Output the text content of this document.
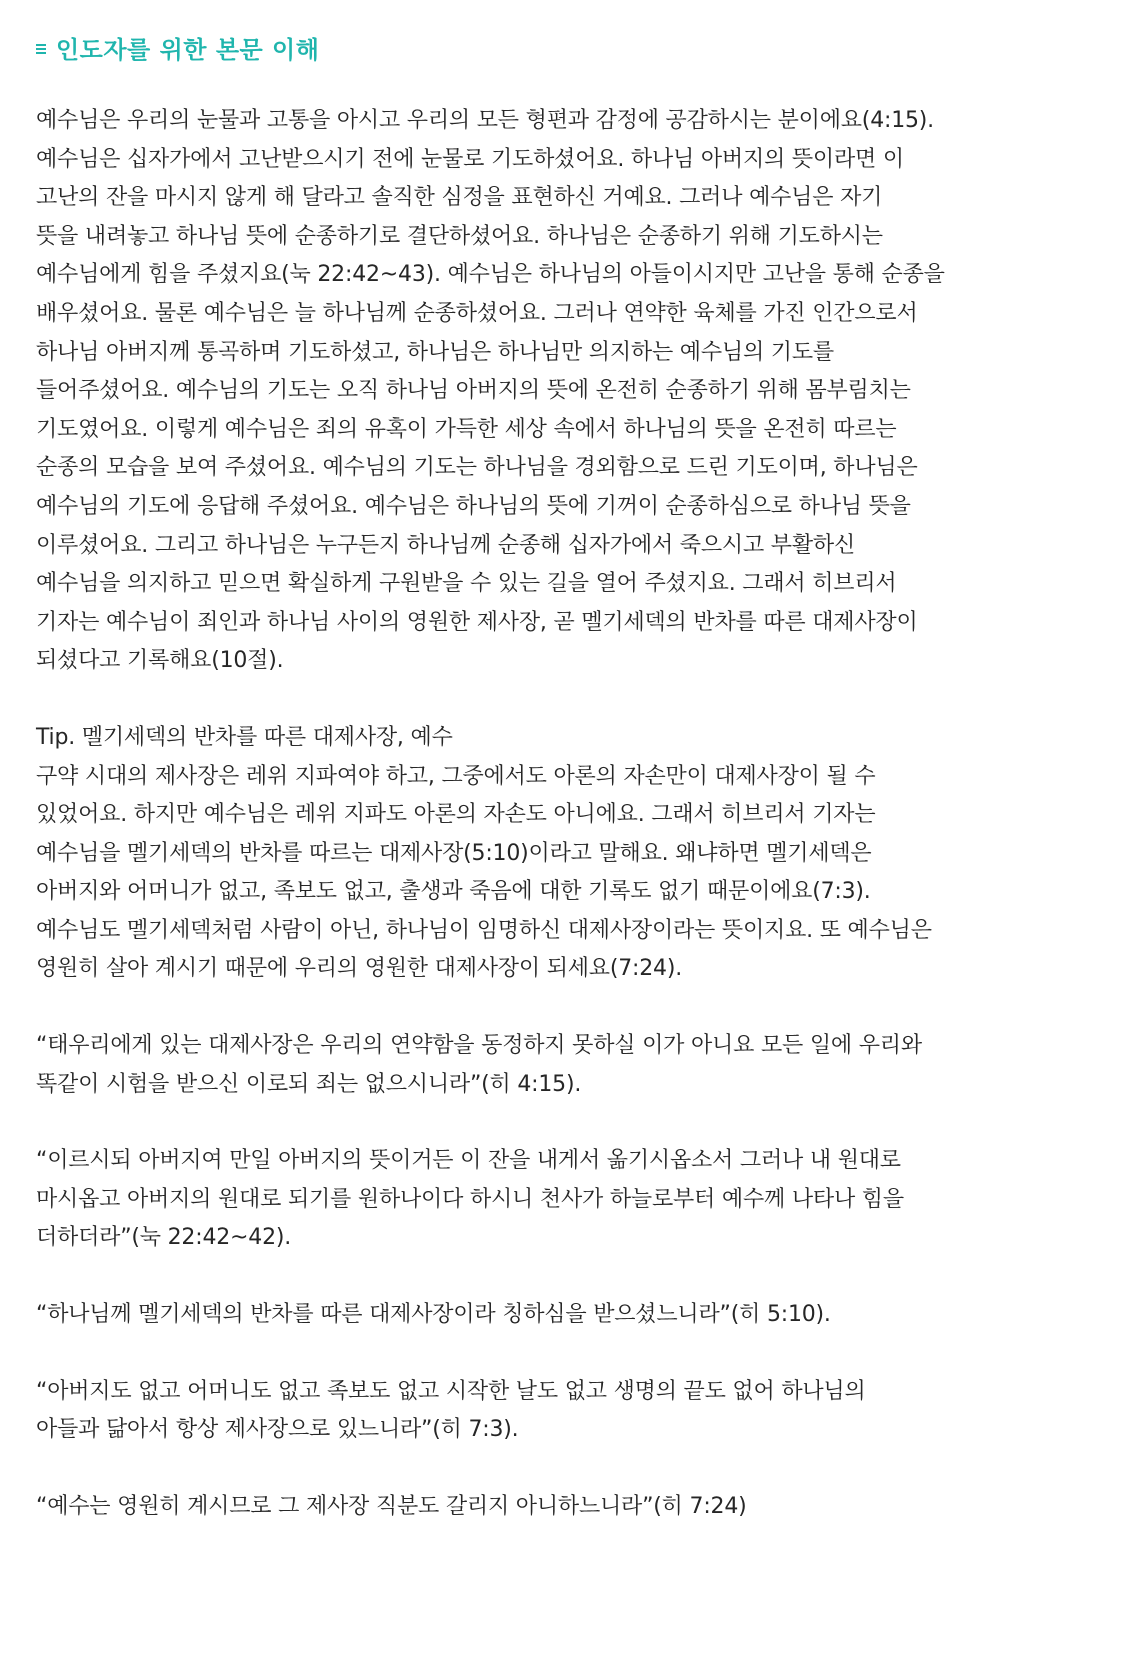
인도자를 위한 본문 이해
예수님은 우리의 눈물과 고통을 아시고 우리의 모든 형편과 감정에 공감하시는 분이에요(4:15).
예수님은 십자가에서 고난받으시기 전에 눈물로 기도하셨어요. 하나님 아버지의 뜻이라면 이
고난의 잔을 마시지 않게 해 달라고 솔직한 심정을 표현하신 거예요. 그러나 예수님은 자기
뜻을 내려놓고 하나님 뜻에 순종하기로 결단하셨어요. 하나님은 순종하기 위해 기도하시는
예수님에게 힘을 주셨지요(눅 22:42~43). 예수님은 하나님의 아들이시지만 고난을 통해 순종을
배우셨어요. 물론 예수님은 늘 하나님께 순종하셨어요. 그러나 연약한 육체를 가진 인간으로서
하나님 아버지께 통곡하며 기도하셨고, 하나님은 하나님만 의지하는 예수님의 기도를
들어주셨어요. 예수님의 기도는 오직 하나님 아버지의 뜻에 온전히 순종하기 위해 몸부림치는
기도였어요. 이렇게 예수님은 죄의 유혹이 가득한 세상 속에서 하나님의 뜻을 온전히 따르는
순종의 모습을 보여 주셨어요. 예수님의 기도는 하나님을 경외함으로 드린 기도이며, 하나님은
예수님의 기도에 응답해 주셨어요. 예수님은 하나님의 뜻에 기꺼이 순종하심으로 하나님 뜻을
이루셨어요. 그리고 하나님은 누구든지 하나님께 순종해 십자가에서 죽으시고 부활하신
예수님을 의지하고 믿으면 확실하게 구원받을 수 있는 길을 열어 주셨지요. 그래서 히브리서
기자는 예수님이 죄인과 하나님 사이의 영원한 제사장, 곧 멜기세덱의 반차를 따른 대제사장이
되셨다고 기록해요(10절).
Tip. 멜기세덱의 반차를 따른 대제사장, 예수
구약 시대의 제사장은 레위 지파여야 하고, 그중에서도 아론의 자손만이 대제사장이 될 수
있었어요. 하지만 예수님은 레위 지파도 아론의 자손도 아니에요. 그래서 히브리서 기자는
예수님을 멜기세덱의 반차를 따르는 대제사장(5:10)이라고 말해요. 왜냐하면 멜기세덱은
아버지와 어머니가 없고, 족보도 없고, 출생과 죽음에 대한 기록도 없기 때문이에요(7:3).
예수님도 멜기세덱처럼 사람이 아닌, 하나님이 임명하신 대제사장이라는 뜻이지요. 또 예수님은
영원히 살아 계시기 때문에 우리의 영원한 대제사장이 되세요(7:24).
“태우리에게 있는 대제사장은 우리의 연약함을 동정하지 못하실 이가 아니요 모든 일에 우리와
똑같이 시험을 받으신 이로되 죄는 없으시니라”(히 4:15).
“이르시되 아버지여 만일 아버지의 뜻이거든 이 잔을 내게서 옮기시옵소서 그러나 내 원대로
마시옵고 아버지의 원대로 되기를 원하나이다 하시니 천사가 하늘로부터 예수께 나타나 힘을
더하더라”(눅 22:42~42).
“하나님께 멜기세덱의 반차를 따른 대제사장이라 칭하심을 받으셨느니라”(히 5:10).
“아버지도 없고 어머니도 없고 족보도 없고 시작한 날도 없고 생명의 끝도 없어 하나님의
아들과 닮아서 항상 제사장으로 있느니라”(히 7:3).
“예수는 영원히 계시므로 그 제사장 직분도 갈리지 아니하느니라”(히 7:24)
